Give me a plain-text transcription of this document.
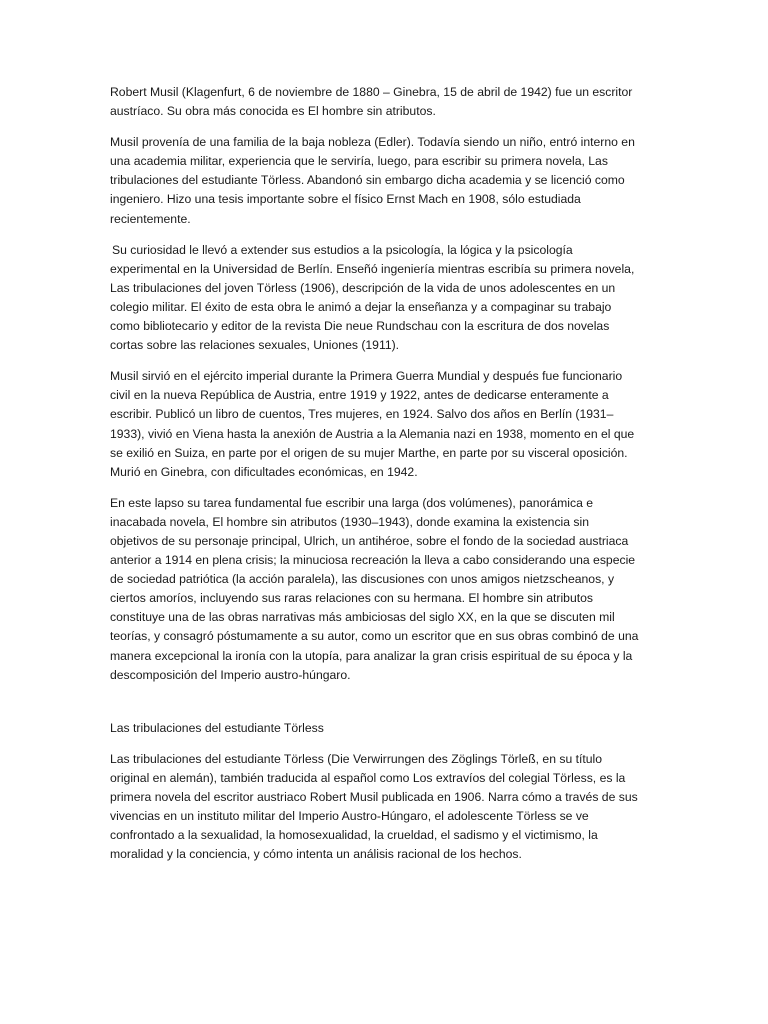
Robert Musil (Klagenfurt, 6 de noviembre de 1880 – Ginebra, 15 de abril de 1942) fue un escritor austríaco. Su obra más conocida es El hombre sin atributos.

Musil provenía de una familia de la baja nobleza (Edler). Todavía siendo un niño, entró interno en una academia militar, experiencia que le serviría, luego, para escribir su primera novela, Las tribulaciones del estudiante Törless. Abandonó sin embargo dicha academia y se licenció como ingeniero. Hizo una tesis importante sobre el físico Ernst Mach en 1908, sólo estudiada recientemente.

Su curiosidad le llevó a extender sus estudios a la psicología, la lógica y la psicología experimental en la Universidad de Berlín. Enseñó ingeniería mientras escribía su primera novela, Las tribulaciones del joven Törless (1906), descripción de la vida de unos adolescentes en un colegio militar. El éxito de esta obra le animó a dejar la enseñanza y a compaginar su trabajo como bibliotecario y editor de la revista Die neue Rundschau con la escritura de dos novelas cortas sobre las relaciones sexuales, Uniones (1911).

Musil sirvió en el ejército imperial durante la Primera Guerra Mundial y después fue funcionario civil en la nueva República de Austria, entre 1919 y 1922, antes de dedicarse enteramente a escribir. Publicó un libro de cuentos, Tres mujeres, en 1924. Salvo dos años en Berlín (1931–1933), vivió en Viena hasta la anexión de Austria a la Alemania nazi en 1938, momento en el que se exilió en Suiza, en parte por el origen de su mujer Marthe, en parte por su visceral oposición. Murió en Ginebra, con dificultades económicas, en 1942.

En este lapso su tarea fundamental fue escribir una larga (dos volúmenes), panorámica e inacabada novela, El hombre sin atributos (1930–1943), donde examina la existencia sin objetivos de su personaje principal, Ulrich, un antihéroe, sobre el fondo de la sociedad austriaca anterior a 1914 en plena crisis; la minuciosa recreación la lleva a cabo considerando una especie de sociedad patriótica (la acción paralela), las discusiones con unos amigos nietzscheanos, y ciertos amoríos, incluyendo sus raras relaciones con su hermana. El hombre sin atributos constituye una de las obras narrativas más ambiciosas del siglo XX, en la que se discuten mil teorías, y consagró póstumamente a su autor, como un escritor que en sus obras combinó de una manera excepcional la ironía con la utopía, para analizar la gran crisis espiritual de su época y la descomposición del Imperio austro-húngaro.

Las tribulaciones del estudiante Törless

Las tribulaciones del estudiante Törless (Die Verwirrungen des Zöglings Törleß, en su título original en alemán), también traducida al español como Los extravíos del colegial Törless, es la primera novela del escritor austriaco Robert Musil publicada en 1906. Narra cómo a través de sus vivencias en un instituto militar del Imperio Austro-Húngaro, el adolescente Törless se ve confrontado a la sexualidad, la homosexualidad, la crueldad, el sadismo y el victimismo, la moralidad y la conciencia, y cómo intenta un análisis racional de los hechos.
